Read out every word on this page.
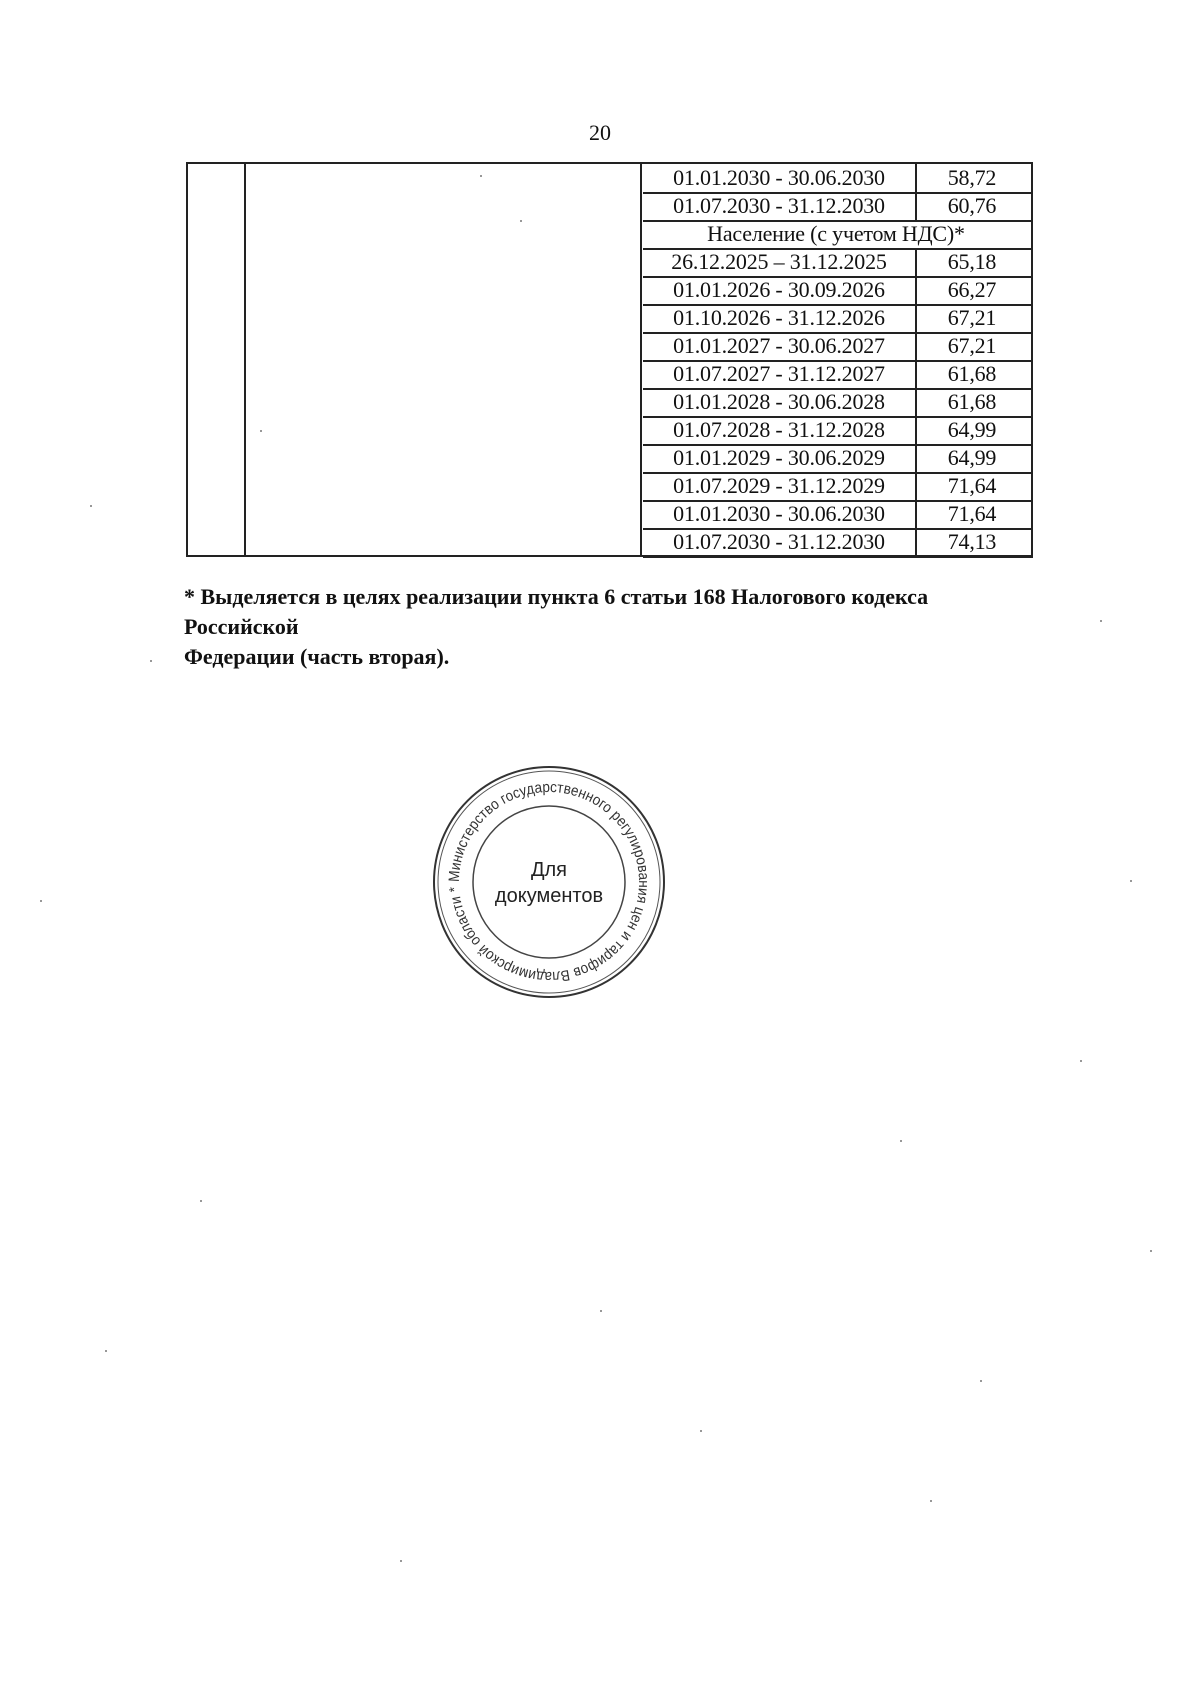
20
01.01.2030 - 30.06.2030	58,72
01.07.2030 - 31.12.2030	60,76
Население (с учетом НДС)*
26.12.2025 – 31.12.2025	65,18
01.01.2026 - 30.09.2026	66,27
01.10.2026 - 31.12.2026	67,21
01.01.2027 - 30.06.2027	67,21
01.07.2027 - 31.12.2027	61,68
01.01.2028 - 30.06.2028	61,68
01.07.2028 - 31.12.2028	64,99
01.01.2029 - 30.06.2029	64,99
01.07.2029 - 31.12.2029	71,64
01.01.2030 - 30.06.2030	71,64
01.07.2030 - 31.12.2030	74,13
* Выделяется в целях реализации пункта 6 статьи 168 Налогового кодекса Российской
Федерации (часть вторая).
Министерство государственного регулирования цен и тарифов Владимирской области *
Для
документов
